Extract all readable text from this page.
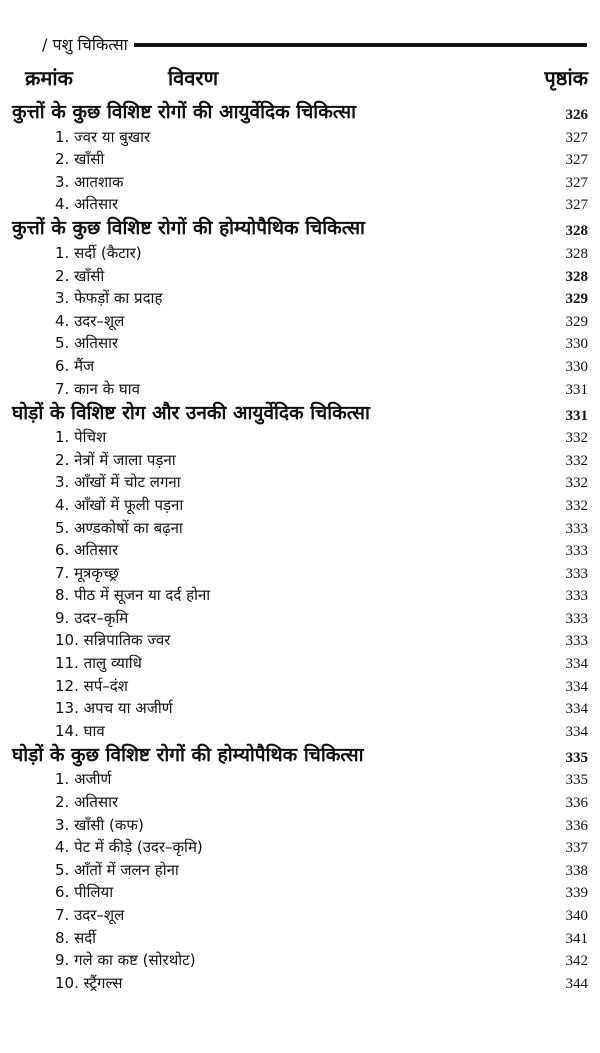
/ पशु चिकित्सा
क्रमांक	विवरण	पृष्ठांक
कुत्तों के कुछ विशिष्ट रोगों की आयुर्वेदिक चिकित्सा	326
1. ज्वर या बुखार	327
2. खाँसी	327
3. आतशाक	327
4. अतिसार	327
कुत्तों के कुछ विशिष्ट रोगों की होम्योपैथिक चिकित्सा	328
1. सर्दी (कैटार)	328
2. खाँसी	328
3. फेफड़ों का प्रदाह	329
4. उदर–शूल	329
5. अतिसार	330
6. मैंज	330
7. कान के घाव	331
घोड़ों के विशिष्ट रोग और उनकी आयुर्वेदिक चिकित्सा	331
1. पेचिश	332
2. नेत्रों में जाला पड़ना	332
3. आँखों में चोट लगना	332
4. आँखों में फूली पड़ना	332
5. अण्डकोषों का बढ़ना	333
6. अतिसार	333
7. मूत्रकृच्छ्र	333
8. पीठ में सूजन या दर्द होना	333
9. उदर–कृमि	333
10. सन्निपातिक ज्वर	333
11. तालु व्याधि	334
12. सर्प–दंश	334
13. अपच या अजीर्ण	334
14. घाव	334
घोड़ों के कुछ विशिष्ट रोगों की होम्योपैथिक चिकित्सा	335
1. अजीर्ण	335
2. अतिसार	336
3. खाँसी (कफ)	336
4. पेट में कीड़े (उदर–कृमि)	337
5. आँतों में जलन होना	338
6. पीलिया	339
7. उदर–शूल	340
8. सर्दी	341
9. गले का कष्ट (सोरथोट)	342
10. स्ट्रैंगल्स	344
